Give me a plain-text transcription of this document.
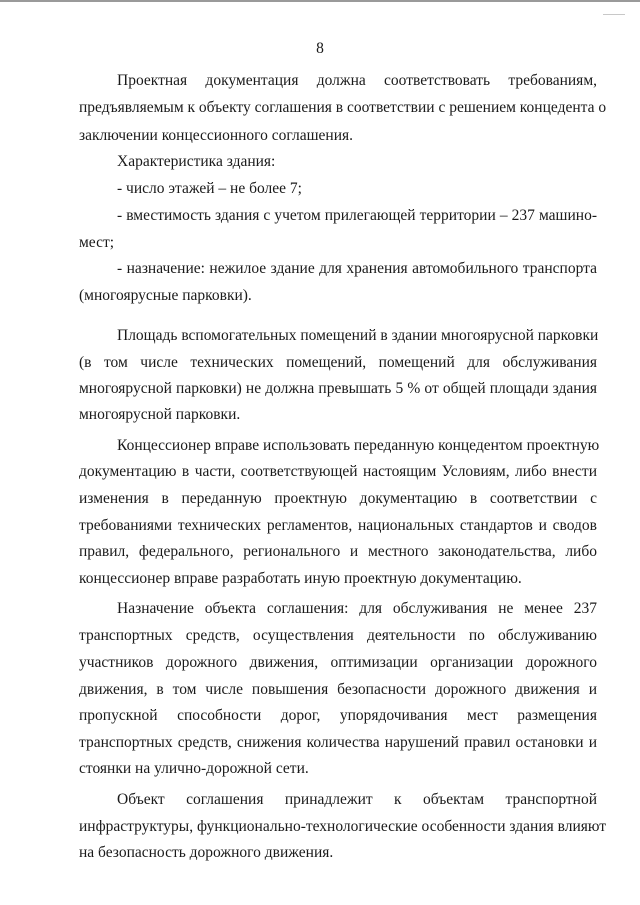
8
Проектная документация должна соответствовать требованиям,
предъявляемым к объекту соглашения в соответствии с решением концедента о
заключении концессионного соглашения.
Характеристика здания:
- число этажей – не более 7;
- вместимость здания с учетом прилегающей территории – 237 машино-
мест;
- назначение: нежилое здание для хранения автомобильного транспорта
(многоярусные парковки).
Площадь вспомогательных помещений в здании многоярусной парковки
(в том числе технических помещений, помещений для обслуживания
многоярусной парковки) не должна превышать 5 % от общей площади здания
многоярусной парковки.
Концессионер вправе использовать переданную концедентом проектную
документацию в части, соответствующей настоящим Условиям, либо внести
изменения в переданную проектную документацию в соответствии с
требованиями технических регламентов, национальных стандартов и сводов
правил, федерального, регионального и местного законодательства, либо
концессионер вправе разработать иную проектную документацию.
Назначение объекта соглашения: для обслуживания не менее 237
транспортных средств, осуществления деятельности по обслуживанию
участников дорожного движения, оптимизации организации дорожного
движения, в том числе повышения безопасности дорожного движения и
пропускной способности дорог, упорядочивания мест размещения
транспортных средств, снижения количества нарушений правил остановки и
стоянки на улично-дорожной сети.
Объект соглашения принадлежит к объектам транспортной
инфраструктуры, функционально-технологические особенности здания влияют
на безопасность дорожного движения.
